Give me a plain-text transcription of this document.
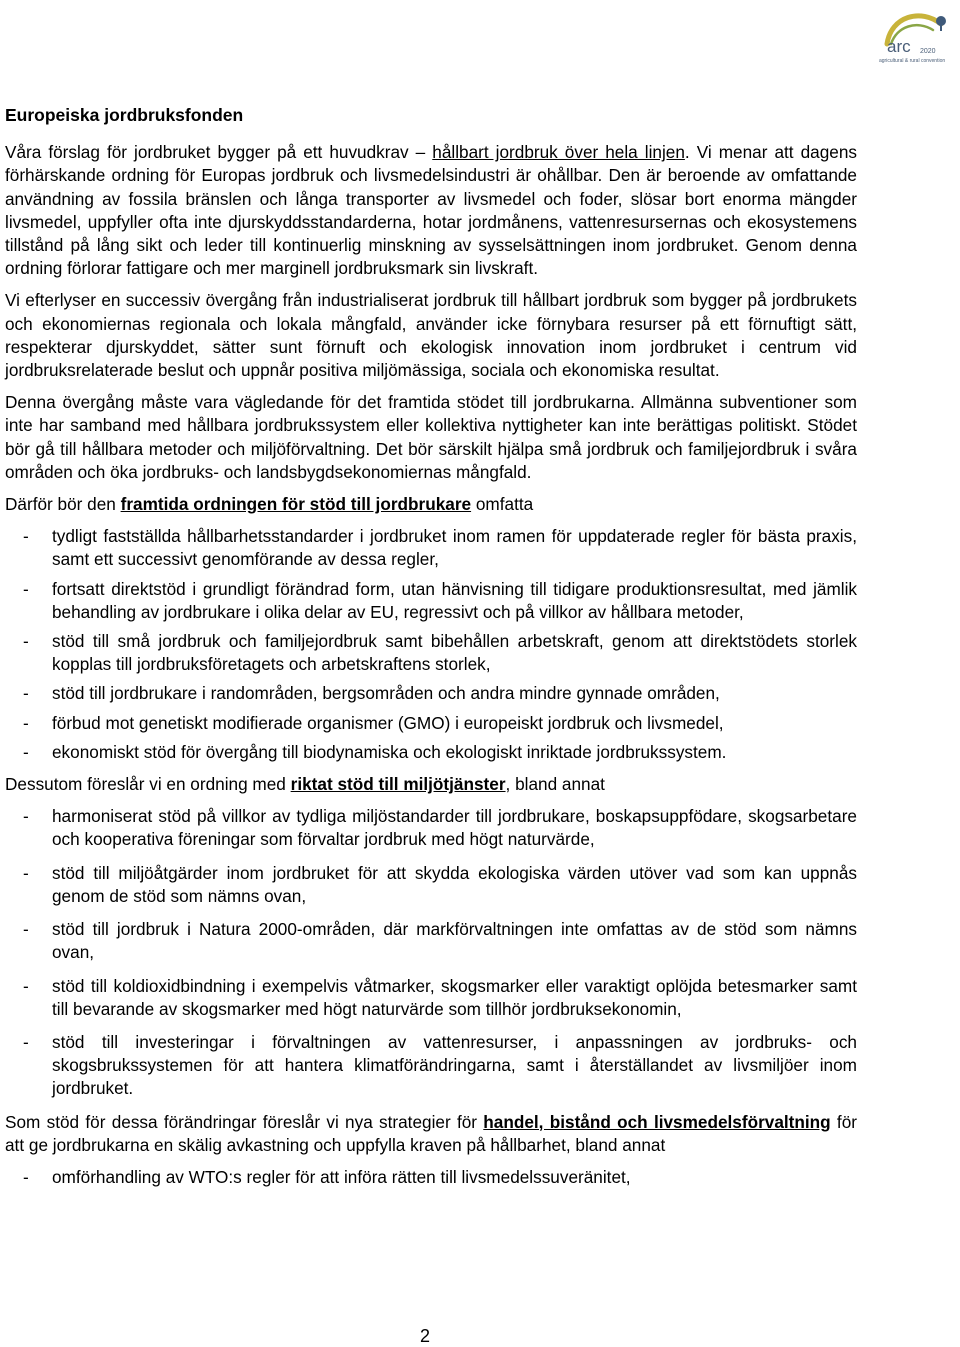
arc 2020
agricultural & rural convention
Europeiska jordbruksfonden

Våra förslag för jordbruket bygger på ett huvudkrav – hållbart jordbruk över hela linjen. Vi menar att dagens förhärskande ordning för Europas jordbruk och livsmedelsindustri är ohållbar. Den är beroende av omfattande användning av fossila bränslen och långa transporter av livsmedel och foder, slösar bort enorma mängder livsmedel, uppfyller ofta inte djurskyddsstandarderna, hotar jordmånens, vattenresursernas och ekosystemens tillstånd på lång sikt och leder till kontinuerlig minskning av sysselsättningen inom jordbruket. Genom denna ordning förlorar fattigare och mer marginell jordbruksmark sin livskraft.

Vi efterlyser en successiv övergång från industrialiserat jordbruk till hållbart jordbruk som bygger på jordbrukets och ekonomiernas regionala och lokala mångfald, använder icke förnybara resurser på ett förnuftigt sätt, respekterar djurskyddet, sätter sunt förnuft och ekologisk innovation inom jordbruket i centrum vid jordbruksrelaterade beslut och uppnår positiva miljömässiga, sociala och ekonomiska resultat.

Denna övergång måste vara vägledande för det framtida stödet till jordbrukarna. Allmänna subventioner som inte har samband med hållbara jordbrukssystem eller kollektiva nyttigheter kan inte berättigas politiskt. Stödet bör gå till hållbara metoder och miljöförvaltning. Det bör särskilt hjälpa små jordbruk och familjejordbruk i svåra områden och öka jordbruks- och landsbygdsekonomiernas mångfald.

Därför bör den framtida ordningen för stöd till jordbrukare omfatta

- tydligt fastställda hållbarhetsstandarder i jordbruket inom ramen för uppdaterade regler för bästa praxis, samt ett successivt genomförande av dessa regler,
- fortsatt direktstöd i grundligt förändrad form, utan hänvisning till tidigare produktionsresultat, med jämlik behandling av jordbrukare i olika delar av EU, regressivt och på villkor av hållbara metoder,
- stöd till små jordbruk och familjejordbruk samt bibehållen arbetskraft, genom att direktstödets storlek kopplas till jordbruksföretagets och arbetskraftens storlek,
- stöd till jordbrukare i randområden, bergsområden och andra mindre gynnade områden,
- förbud mot genetiskt modifierade organismer (GMO) i europeiskt jordbruk och livsmedel,
- ekonomiskt stöd för övergång till biodynamiska och ekologiskt inriktade jordbrukssystem.

Dessutom föreslår vi en ordning med riktat stöd till miljötjänster, bland annat

- harmoniserat stöd på villkor av tydliga miljöstandarder till jordbrukare, boskapsuppfödare, skogsarbetare och kooperativa föreningar som förvaltar jordbruk med högt naturvärde,
- stöd till miljöåtgärder inom jordbruket för att skydda ekologiska värden utöver vad som kan uppnås genom de stöd som nämns ovan,
- stöd till jordbruk i Natura 2000-områden, där markförvaltningen inte omfattas av de stöd som nämns ovan,
- stöd till koldioxidbindning i exempelvis våtmarker, skogsmarker eller varaktigt oplöjda betesmarker samt till bevarande av skogsmarker med högt naturvärde som tillhör jordbruksekonomin,
- stöd till investeringar i förvaltningen av vattenresurser, i anpassningen av jordbruks- och skogsbrukssystemen för att hantera klimatförändringarna, samt i återställandet av livsmiljöer inom jordbruket.

Som stöd för dessa förändringar föreslår vi nya strategier för handel, bistånd och livsmedelsförvaltning för att ge jordbrukarna en skälig avkastning och uppfylla kraven på hållbarhet, bland annat

- omförhandling av WTO:s regler för att införa rätten till livsmedelssuveränitet,
2
